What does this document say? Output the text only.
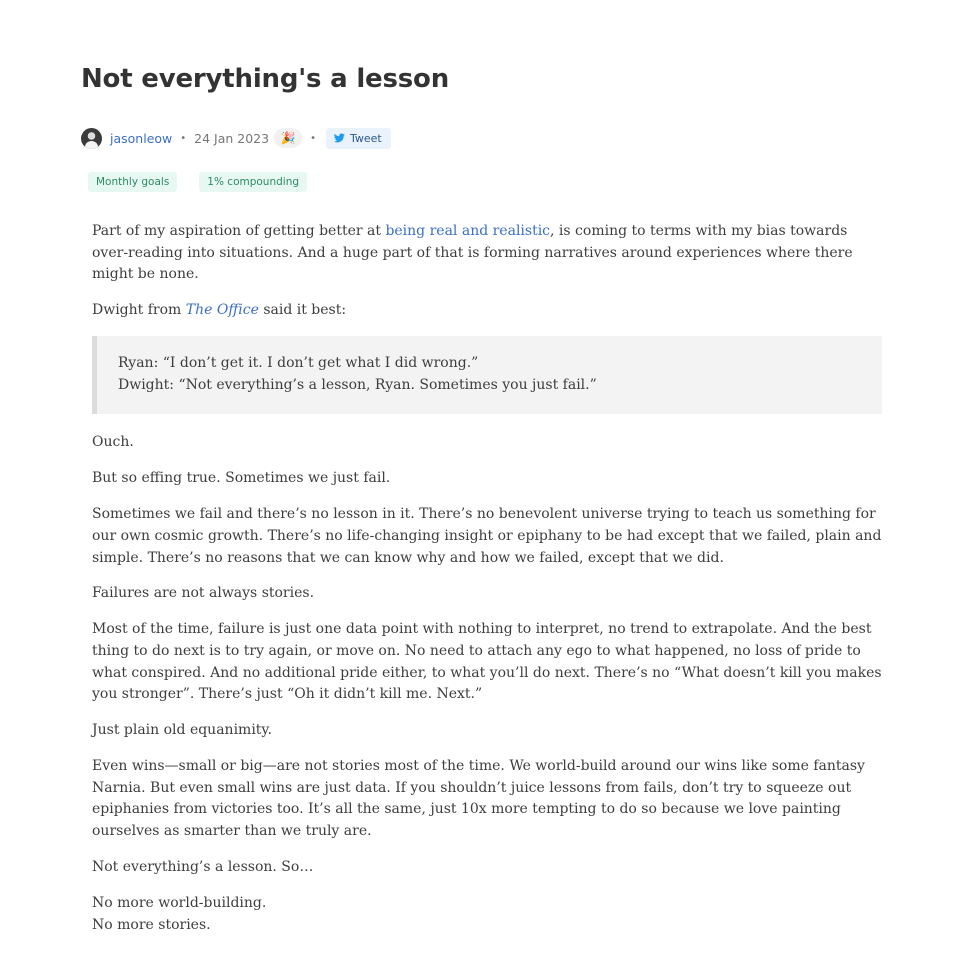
Not everything's a lesson
jasonleow • 24 Jan 2023 🎉	•	Tweet
Monthly goals	1% compounding

Part of my aspiration of getting better at being real and realistic, is coming to terms with my bias towards over-reading into situations. And a huge part of that is forming narratives around experiences where there might be none.

Dwight from The Office said it best:

Ryan: “I don’t get it. I don’t get what I did wrong.”

Dwight: “Not everything’s a lesson, Ryan. Sometimes you just fail.”

Ouch.

But so effing true. Sometimes we just fail.

Sometimes we fail and there’s no lesson in it. There’s no benevolent universe trying to teach us something for our own cosmic growth. There’s no life-changing insight or epiphany to be had except that we failed, plain and simple. There’s no reasons that we can know why and how we failed, except that we did.

Failures are not always stories.

Most of the time, failure is just one data point with nothing to interpret, no trend to extrapolate. And the best thing to do next is to try again, or move on. No need to attach any ego to what happened, no loss of pride to what conspired. And no additional pride either, to what you’ll do next. There’s no “What doesn’t kill you makes you stronger”. There’s just “Oh it didn’t kill me. Next.”

Just plain old equanimity.

Even wins—small or big—are not stories most of the time. We world-build around our wins like some fantasy Narnia. But even small wins are just data. If you shouldn’t juice lessons from fails, don’t try to squeeze out epiphanies from victories too. It’s all the same, just 10x more tempting to do so because we love painting ourselves as smarter than we truly are.

Not everything’s a lesson. So…

No more world-building.
No more stories.
